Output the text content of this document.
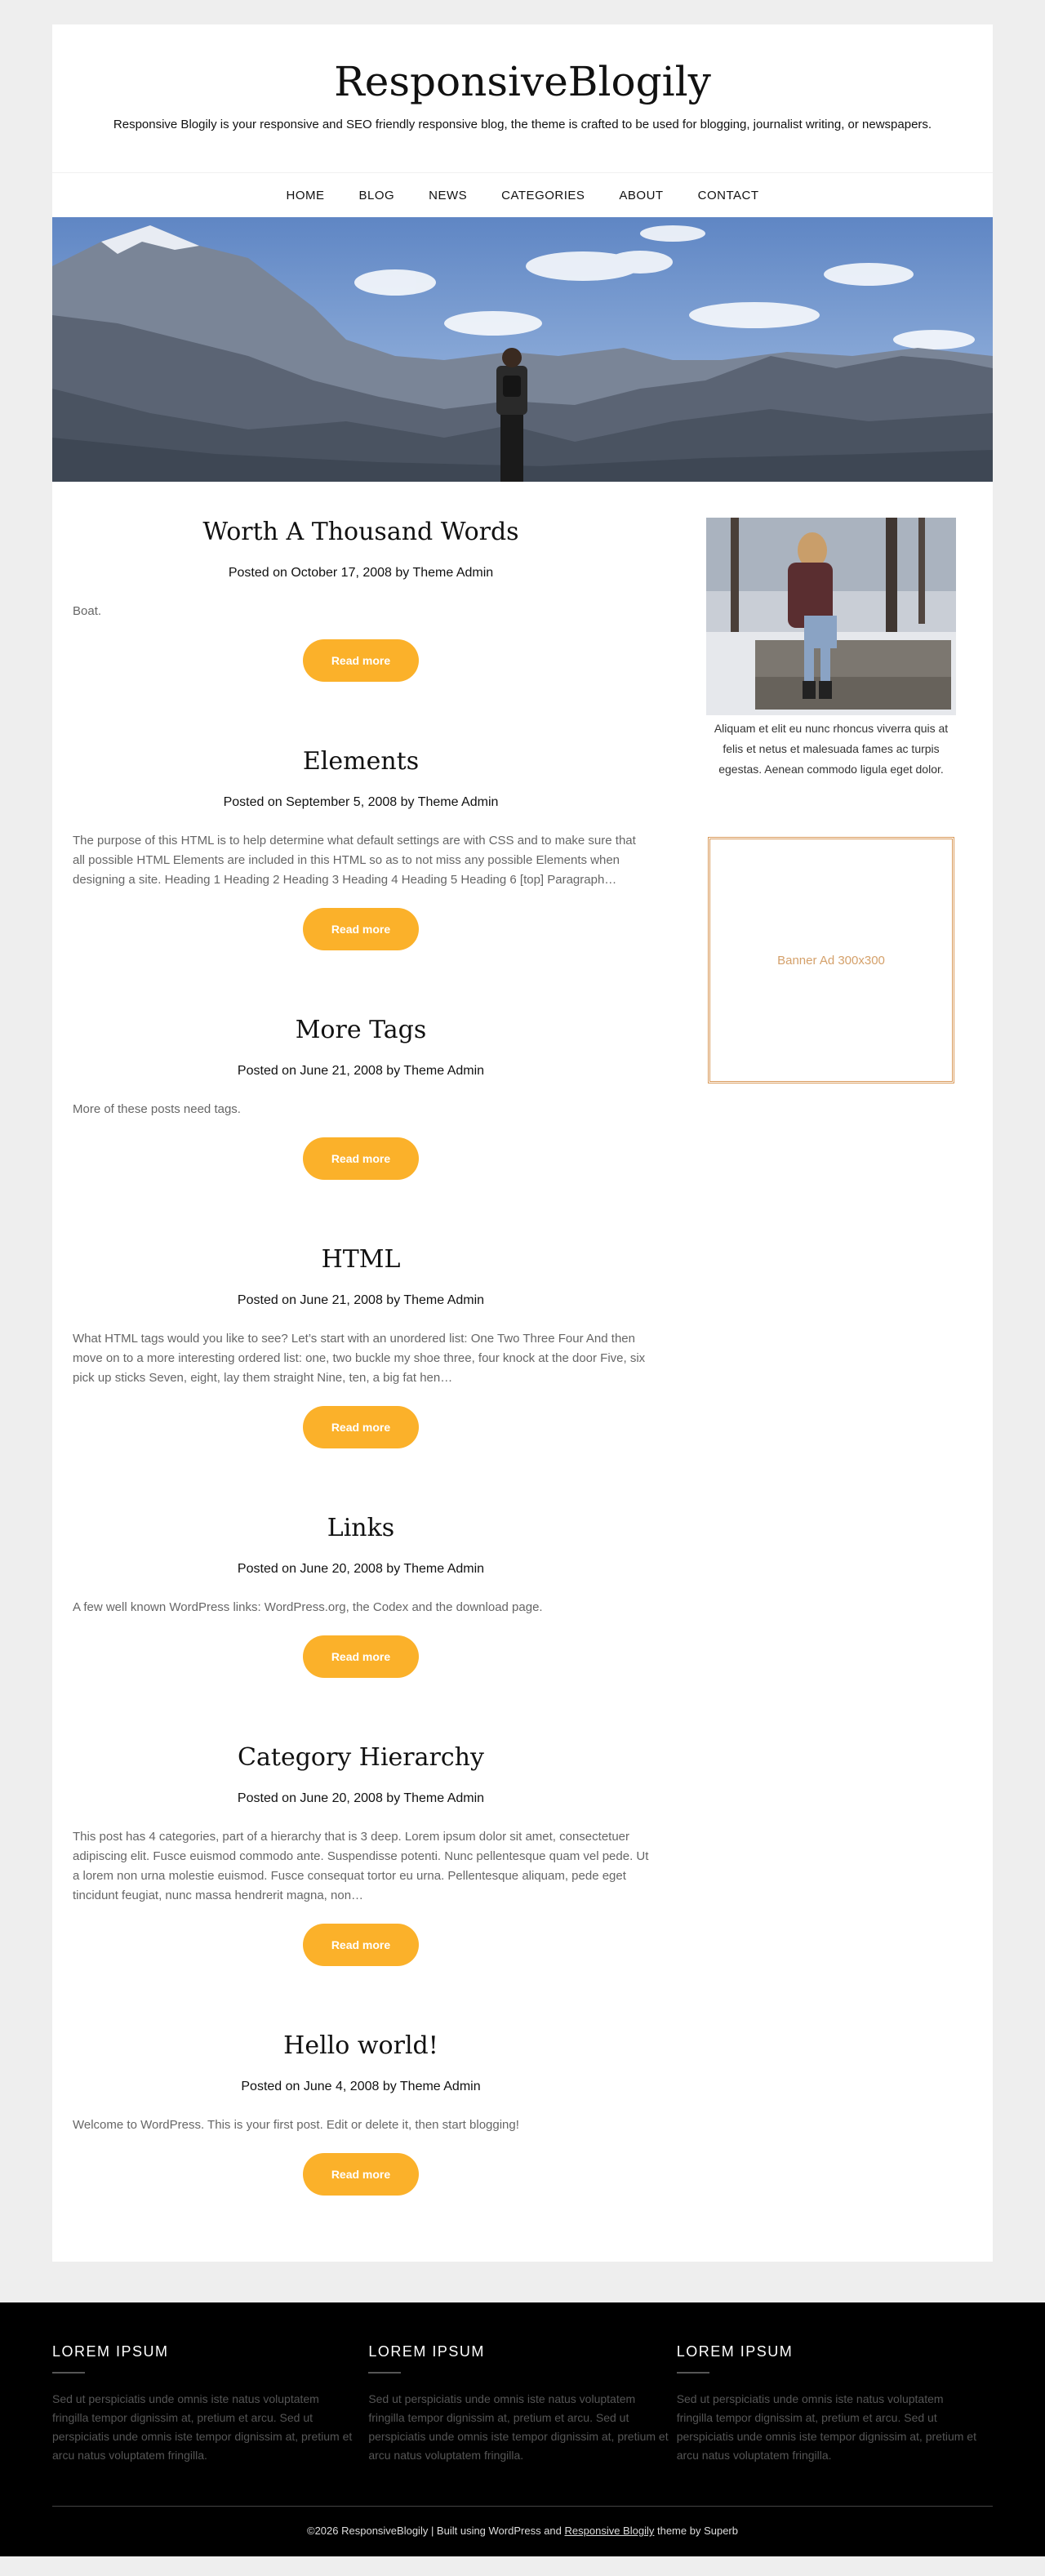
ResponsiveBlogily
Responsive Blogily is your responsive and SEO friendly responsive blog, the theme is crafted to be used for blogging, journalist writing, or newspapers.
HOME	BLOG	NEWS	CATEGORIES	ABOUT	CONTACT
Worth A Thousand Words
Posted on October 17, 2008 by Theme Admin

Boat.

Read more
Elements
Posted on September 5, 2008 by Theme Admin

The purpose of this HTML is to help determine what default settings are with CSS and to make sure that all possible HTML Elements are included in this HTML so as to not miss any possible Elements when designing a site. Heading 1 Heading 2 Heading 3 Heading 4 Heading 5 Heading 6 [top] Paragraph…

Read more
More Tags
Posted on June 21, 2008 by Theme Admin

More of these posts need tags.

Read more
HTML
Posted on June 21, 2008 by Theme Admin

What HTML tags would you like to see? Let’s start with an unordered list: One Two Three Four And then move on to a more interesting ordered list: one, two buckle my shoe three, four knock at the door Five, six pick up sticks Seven, eight, lay them straight Nine, ten, a big fat hen…

Read more
Links
Posted on June 20, 2008 by Theme Admin

A few well known WordPress links: WordPress.org, the Codex and the download page.

Read more
Category Hierarchy
Posted on June 20, 2008 by Theme Admin

This post has 4 categories, part of a hierarchy that is 3 deep. Lorem ipsum dolor sit amet, consectetuer adipiscing elit. Fusce euismod commodo ante. Suspendisse potenti. Nunc pellentesque quam vel pede. Ut a lorem non urna molestie euismod. Fusce consequat tortor eu urna. Pellentesque aliquam, pede eget tincidunt feugiat, nunc massa hendrerit magna, non…

Read more
Hello world!
Posted on June 4, 2008 by Theme Admin

Welcome to WordPress. This is your first post. Edit or delete it, then start blogging!

Read more
Aliquam et elit eu nunc rhoncus viverra quis at felis et netus et malesuada fames ac turpis egestas. Aenean commodo ligula eget dolor.
Banner Ad 300x300
LOREM IPSUM
Sed ut perspiciatis unde omnis iste natus voluptatem fringilla tempor dignissim at, pretium et arcu. Sed ut perspiciatis unde omnis iste tempor dignissim at, pretium et arcu natus voluptatem fringilla.
LOREM IPSUM
Sed ut perspiciatis unde omnis iste natus voluptatem fringilla tempor dignissim at, pretium et arcu. Sed ut perspiciatis unde omnis iste tempor dignissim at, pretium et arcu natus voluptatem fringilla.
LOREM IPSUM
Sed ut perspiciatis unde omnis iste natus voluptatem fringilla tempor dignissim at, pretium et arcu. Sed ut perspiciatis unde omnis iste tempor dignissim at, pretium et arcu natus voluptatem fringilla.
©2026 ResponsiveBlogily | Built using WordPress and Responsive Blogily theme by Superb
